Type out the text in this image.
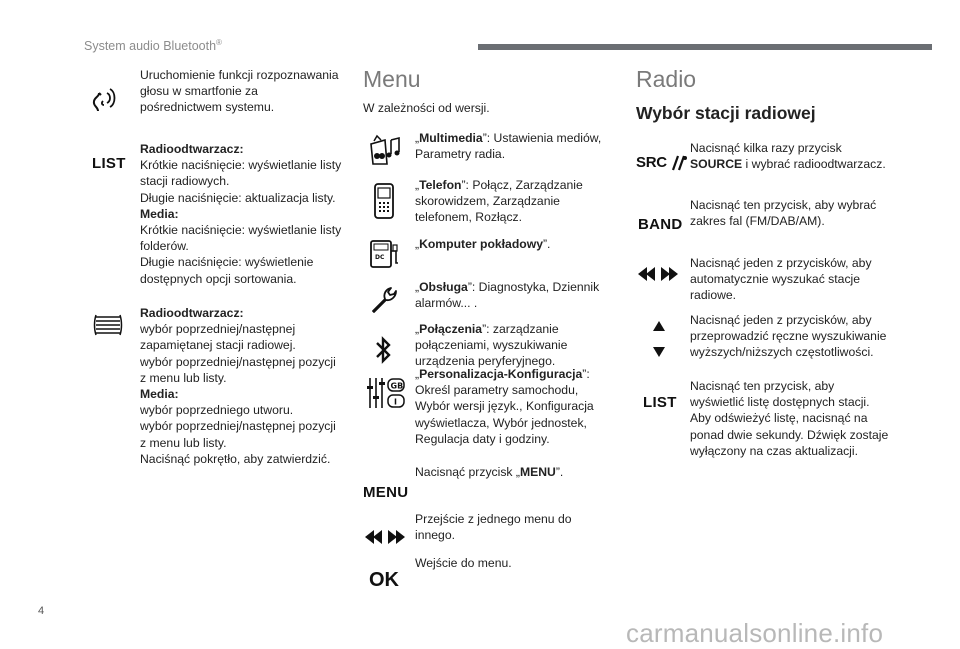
System audio Bluetooth®
Uruchomienie funkcji rozpoznawania głosu w smartfonie za pośrednictwem systemu.
LIST
Radioodtwarzacz:
Krótkie naciśnięcie: wyświetlanie listy stacji radiowych.
Długie naciśnięcie: aktualizacja listy.
Media:
Krótkie naciśnięcie: wyświetlanie listy folderów.
Długie naciśnięcie: wyświetlenie dostępnych opcji sortowania.
Radioodtwarzacz:
wybór poprzedniej/następnej zapamiętanej stacji radiowej.
wybór poprzedniej/następnej pozycji z menu lub listy.
Media:
wybór poprzedniego utworu.
wybór poprzedniej/następnej pozycji z menu lub listy.
Naciśnąć pokrętło, aby zatwierdzić.
Menu
W zależności od wersji.
„Multimedia”: Ustawienia mediów, Parametry radia.
„Telefon”: Połącz, Zarządzanie skorowidzem, Zarządzanie telefonem, Rozłącz.
DC
„Komputer pokładowy”.
„Obsługa”: Diagnostyka, Dziennik alarmów... .
„Połączenia”: zarządzanie połączeniami, wyszukiwanie urządzenia peryferyjnego.
GB
I
„Personalizacja-Konfiguracja”: Określ parametry samochodu, Wybór wersji język., Konfiguracja wyświetlacza, Wybór jednostek, Regulacja daty i godziny.
MENU
Nacisnąć przycisk „MENU”.
Przejście z jednego menu do innego.
OK
Wejście do menu.
Radio
Wybór stacji radiowej
SRC
Nacisnąć kilka razy przycisk
SOURCE i wybrać radioodtwarzacz.
BAND
Nacisnąć ten przycisk, aby wybrać zakres fal (FM/DAB/AM).
Nacisnąć jeden z przycisków, aby automatycznie wyszukać stacje radiowe.
Nacisnąć jeden z przycisków, aby przeprowadzić ręczne wyszukiwanie wyższych/niższych częstotliwości.
LIST
Nacisnąć ten przycisk, aby wyświetlić listę dostępnych stacji. Aby odświeżyć listę, nacisnąć na ponad dwie sekundy. Dźwięk zostaje wyłączony na czas aktualizacji.
4
carmanualsonline.info
